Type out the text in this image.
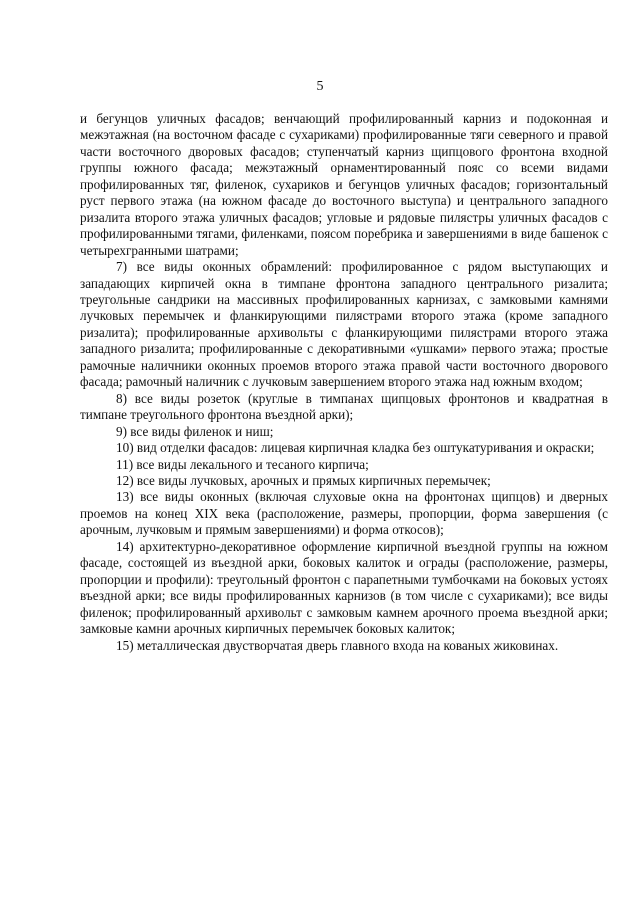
5

и бегунцов уличных фасадов; венчающий профилированный карниз и подоконная и межэтажная (на восточном фасаде с сухариками) профилированные тяги северного и правой части восточного дворовых фасадов; ступенчатый карниз щипцового фронтона входной группы южного фасада; межэтажный орнаментированный пояс со всеми видами профилированных тяг, филенок, сухариков и бегунцов уличных фасадов; горизонтальный руст первого этажа (на южном фасаде до восточного выступа) и центрального западного ризалита второго этажа уличных фасадов; угловые и рядовые пилястры уличных фасадов с профилированными тягами, филенками, поясом поребрика и завершениями в виде башенок с четырехгранными шатрами;

7) все виды оконных обрамлений: профилированное с рядом выступающих и западающих кирпичей окна в тимпане фронтона западного центрального ризалита; треугольные сандрики на массивных профилированных карнизах, с замковыми камнями лучковых перемычек и фланкирующими пилястрами второго этажа (кроме западного ризалита); профилированные архивольты с фланкирующими пилястрами второго этажа западного ризалита; профилированные с декоративными «ушками» первого этажа; простые рамочные наличники оконных проемов второго этажа правой части восточного дворового фасада; рамочный наличник с лучковым завершением второго этажа над южным входом;

8) все виды розеток (круглые в тимпанах щипцовых фронтонов и квадратная в тимпане треугольного фронтона въездной арки);

9) все виды филенок и ниш;

10) вид отделки фасадов: лицевая кирпичная кладка без оштукатуривания и окраски;

11) все виды лекального и тесаного кирпича;

12) все виды лучковых, арочных и прямых кирпичных перемычек;

13) все виды оконных (включая слуховые окна на фронтонах щипцов) и дверных проемов на конец XIX века (расположение, размеры, пропорции, форма завершения (с арочным, лучковым и прямым завершениями) и форма откосов);

14) архитектурно-декоративное оформление кирпичной въездной группы на южном фасаде, состоящей из въездной арки, боковых калиток и ограды (расположение, размеры, пропорции и профили): треугольный фронтон с парапетными тумбочками на боковых устоях въездной арки; все виды профилированных карнизов (в том числе с сухариками); все виды филенок; профилированный архивольт с замковым камнем арочного проема въездной арки; замковые камни арочных кирпичных перемычек боковых калиток;

15) металлическая двустворчатая дверь главного входа на кованых жиковинах.
